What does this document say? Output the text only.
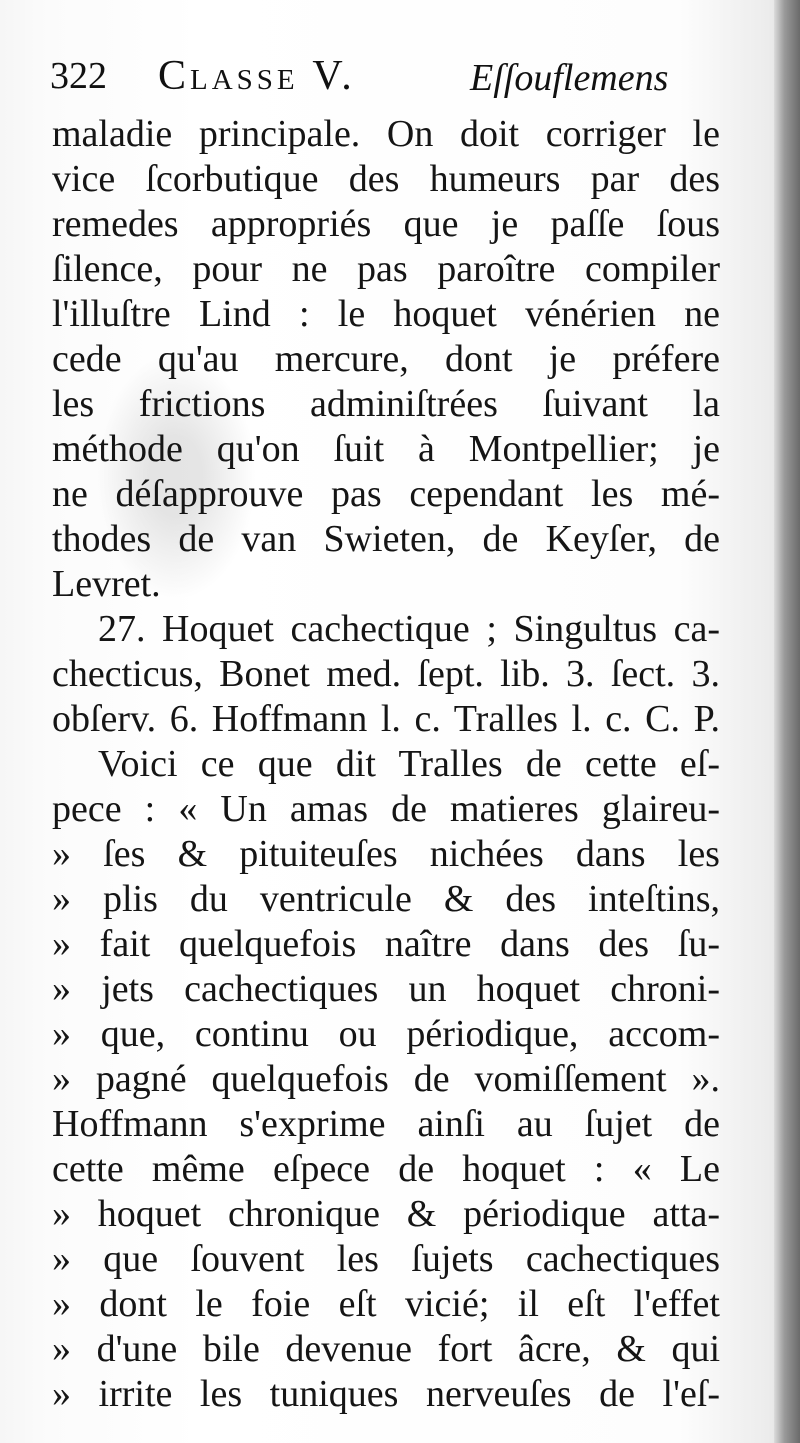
322 Classe V.	Eſſouflemens
maladie principale. On doit corriger le
vice ſcorbutique des humeurs par des
remedes appropriés que je paſſe ſous
ſilence, pour ne pas paroître compiler
l'illuſtre Lind : le hoquet vénérien ne
cede qu'au mercure, dont je préfere
les frictions adminiſtrées ſuivant la
méthode qu'on ſuit à Montpellier; je
ne déſapprouve pas cependant les mé-
thodes de van Swieten, de Keyſer, de
Levret.
27. Hoquet cachectique ; Singultus ca-
checticus, Bonet med. ſept. lib. 3. ſect. 3.
obſerv. 6. Hoffmann l. c. Tralles l. c. C. P.
Voici ce que dit Tralles de cette eſ-
pece : « Un amas de matieres glaireu-
» ſes & pituiteuſes nichées dans les
» plis du ventricule & des inteſtins,
» fait quelquefois naître dans des ſu-
» jets cachectiques un hoquet chroni-
» que, continu ou périodique, accom-
» pagné quelquefois de vomiſſement ».
Hoffmann s'exprime ainſi au ſujet de
cette même eſpece de hoquet : « Le
» hoquet chronique & périodique atta-
» que ſouvent les ſujets cachectiques
» dont le foie eſt vicié; il eſt l'effet
» d'une bile devenue fort âcre, & qui
» irrite les tuniques nerveuſes de l'eſ-
